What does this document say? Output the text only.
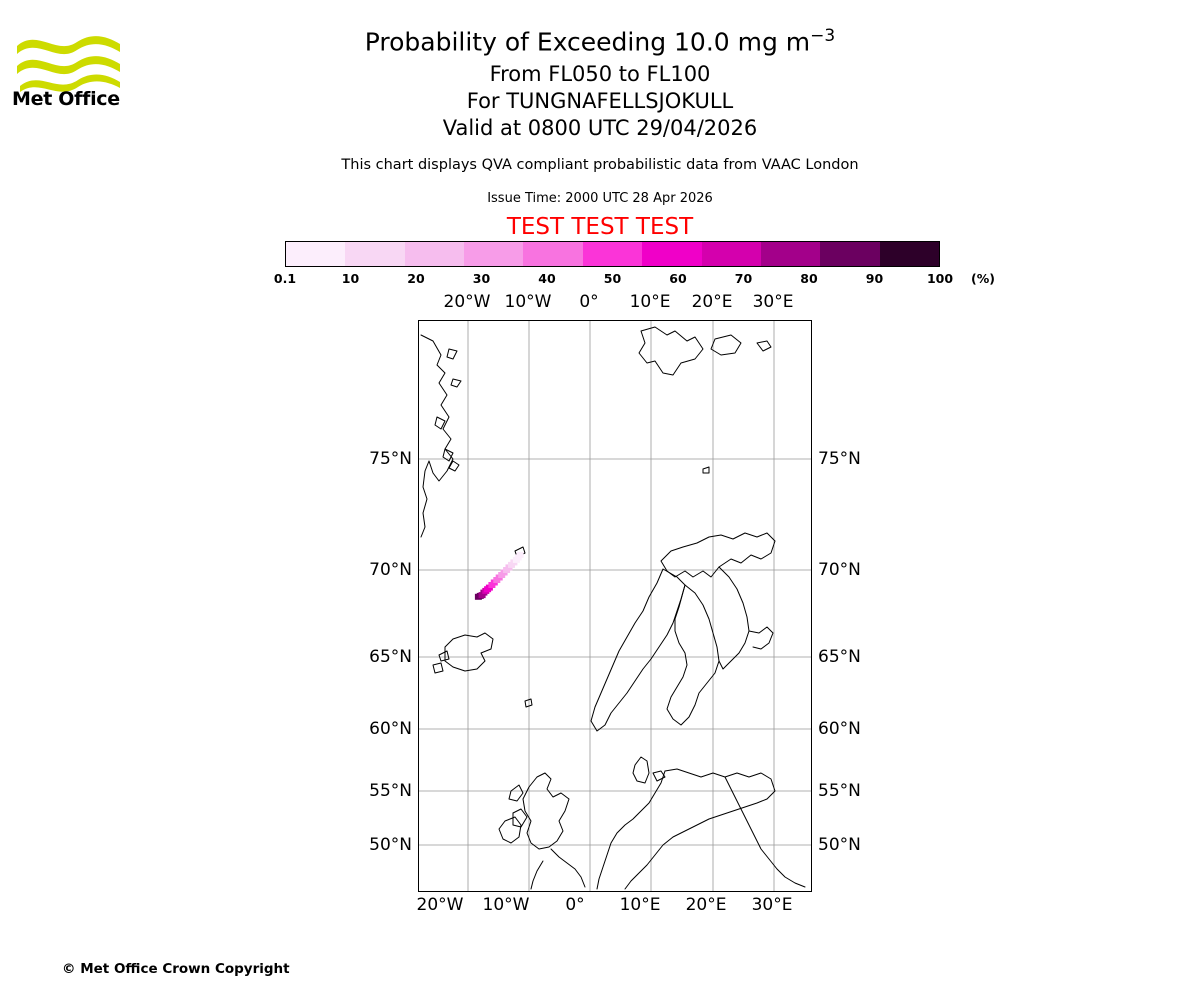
Met Office
Probability of Exceeding 10.0 mg $m^{-3}$
From FL050 to FL100
For TUNGNAFELLSJOKULL
Valid at 0800 UTC 29/04/2026
This chart displays QVA compliant probabilistic data from VAAC London
Issue Time: 2000 UTC 28 Apr 2026
TEST TEST TEST
0.1	10	20	30	40	50	60	70	80	90	100 (%)
20°W 10°W 0° 10°E 20°E 30°E
20°W 10°W 0° 10°E 20°E 30°E
75°N
70°N
65°N
60°N
55°N
50°N
75°N
70°N
65°N
60°N
55°N
50°N
© Met Office Crown Copyright
